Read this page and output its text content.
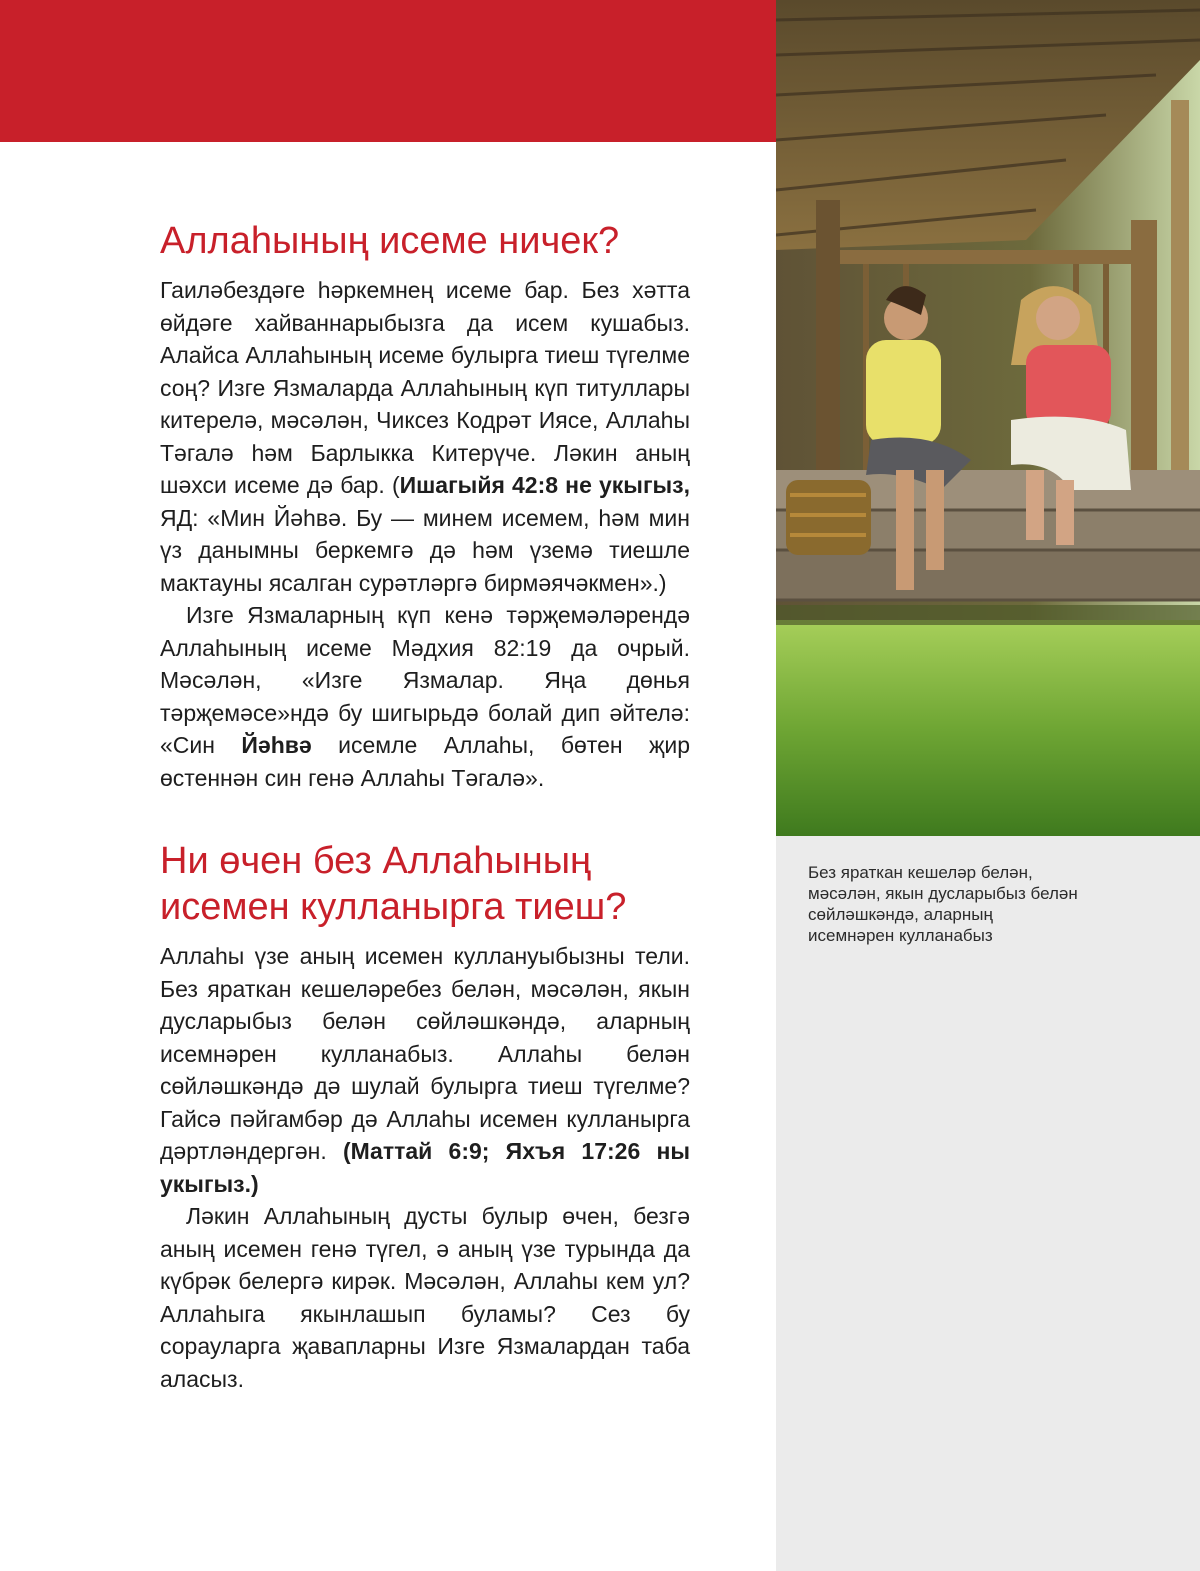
Без яраткан кешеләр белән, мәсәлән, якын дусларыбыз белән сөйләшкәндә, аларның исемнәрен кулланабыз
Аллаһының исеме ничек?

Гаиләбездәге һәркемнең исеме бар. Без хәтта өйдәге хайваннарыбызга да исем кушабыз. Алайса Аллаһының исеме булырга тиеш түгелме соң? Изге Язмаларда Аллаһының күп титуллары китерелә, мәсәлән, Чиксез Кодрәт Иясе, Аллаһы Тәгалә һәм Барлыкка Китерүче. Ләкин аның шәхси исеме дә бар. (Ишагыйя 42:8 не укыгыз, ЯД: «Мин Йәһвә. Бу — минем исемем, һәм мин үз данымны беркемгә дә һәм үземә тиешле мактауны ясалган сурәтләргә бирмәячәкмен».)

Изге Язмаларның күп кенә тәрҗемәләрендә Аллаһының исеме Мәдхия 82:19 да очрый. Мәсәлән, «Изге Язмалар. Яңа дөнья тәрҗемәсе»ндә бу шигырьдә болай дип әйтелә: «Син Йәһвә исемле Аллаһы, бөтен җир өстеннән син генә Аллаһы Тәгалә».

Ни өчен без Аллаһының исемен кулланырга тиеш?

Аллаһы үзе аның исемен куллануыбызны тели. Без яраткан кешеләребез белән, мәсәлән, якын дусларыбыз белән сөйләшкәндә, аларның исемнәрен кулланабыз. Аллаһы белән сөйләшкәндә дә шулай булырга тиеш түгелме? Гайсә пәйгамбәр дә Аллаһы исемен кулланырга дәртләндергән. (Маттай 6:9; Яхъя 17:26 ны укыгыз.)

Ләкин Аллаһының дусты булыр өчен, безгә аның исемен генә түгел, ә аның үзе турында да күбрәк белергә кирәк. Мәсәлән, Аллаһы кем ул? Аллаһыга якынлашып буламы? Сез бу сорауларга җавапларны Изге Язмалардан таба аласыз.
